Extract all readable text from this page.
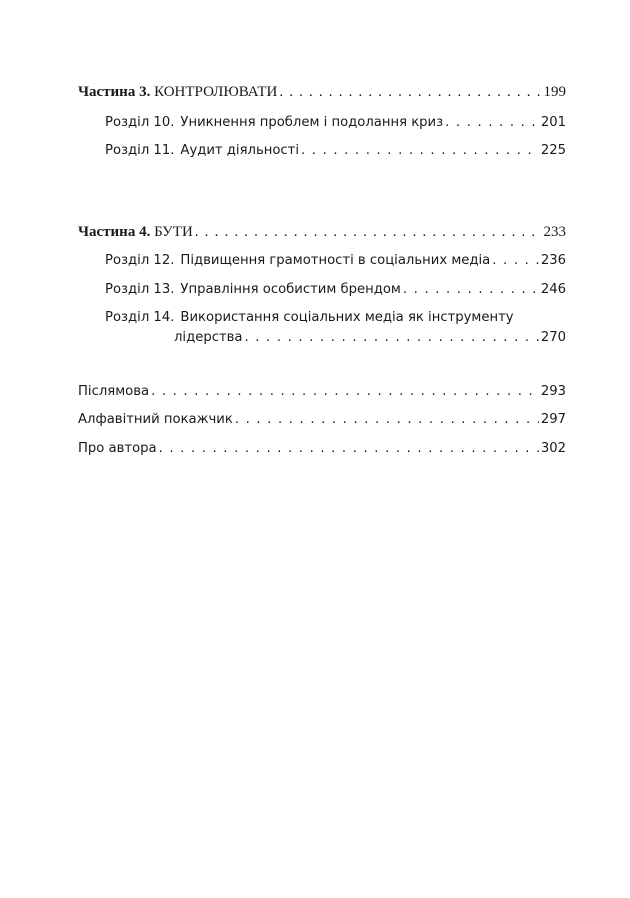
Частина 3. КОНТРОЛЮВАТИ . . .	199
Розділ 10. Уникнення проблем і подолання криз . . .	201
Розділ 11. Аудит діяльності . . .	225
Частина 4. БУТИ . . .	233
Розділ 12. Підвищення грамотності в соціальних медіа . . .	236
Розділ 13. Управління особистим брендом . . .	246
Розділ 14. Використання соціальних медіа як інструменту
лідерства . . .	270
Післямова . . .	293
Алфавітний покажчик . . .	297
Про автора . . .	302
